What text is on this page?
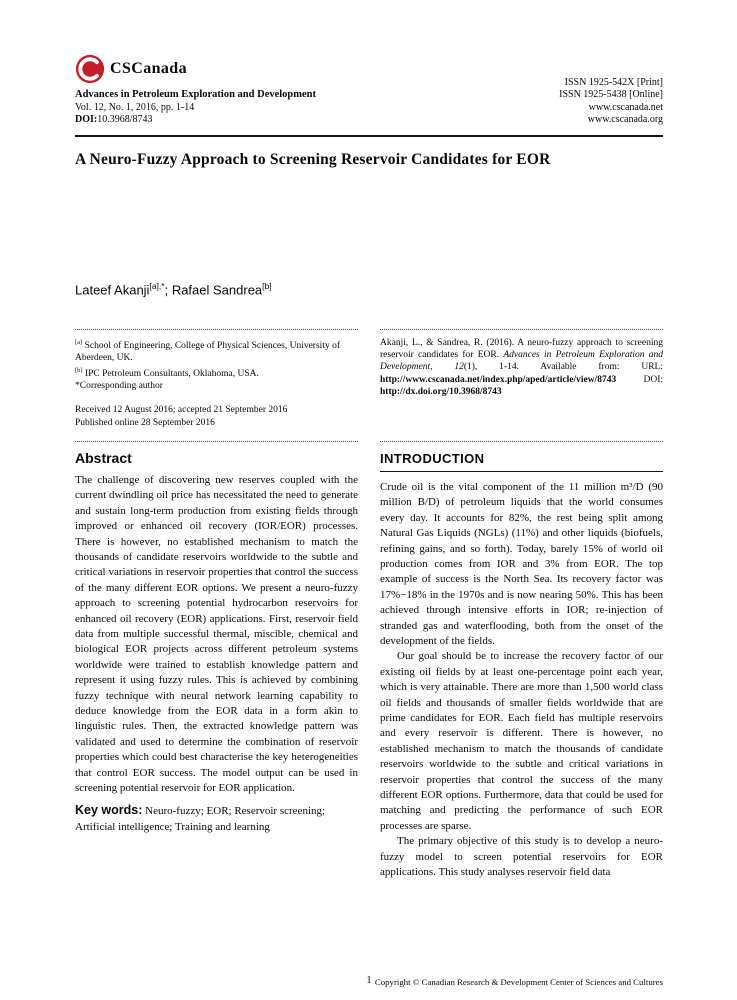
CSCanada
Advances in Petroleum Exploration and Development
Vol. 12, No. 1, 2016, pp. 1-14
DOI:10.3968/8743
ISSN 1925-542X [Print]
ISSN 1925-5438 [Online]
www.cscanada.net
www.cscanada.org
A Neuro-Fuzzy Approach to Screening Reservoir Candidates for EOR
Lateef Akanji$^{[a],*}$; Rafael Sandrea[b]

[a] School of Engineering, College of Physical Sciences, University of Aberdeen, UK.

[b] IPC Petroleum Consultants, Oklahoma, USA.

*Corresponding author

Received 12 August 2016; accepted 21 September 2016

Published online 28 September 2016

Akanji, L., & Sandrea, R. (2016). A neuro-fuzzy approach to screening reservoir candidates for EOR. Advances in Petroleum Exploration and Development, 12(1), 1-14. Available from: URL: http://www.cscanada.net/index.php/aped/article/view/8743 DOI: http://dx.doi.org/10.3968/8743
Abstract

The challenge of discovering new reserves coupled with the current dwindling oil price has necessitated the need to generate and sustain long-term production from existing fields through improved or enhanced oil recovery (IOR/EOR) processes. There is however, no established mechanism to match the thousands of candidate reservoirs worldwide to the subtle and critical variations in reservoir properties that control the success of the many different EOR options. We present a neuro-fuzzy approach to screening potential hydrocarbon reservoirs for enhanced oil recovery (EOR) applications. First, reservoir field data from multiple successful thermal, miscible, chemical and biological EOR projects across different petroleum systems worldwide were trained to establish knowledge pattern and represent it using fuzzy rules. This is achieved by combining fuzzy technique with neural network learning capability to deduce knowledge from the EOR data in a form akin to linguistic rules. Then, the extracted knowledge pattern was validated and used to determine the combination of reservoir properties which could best characterise the key heterogeneities that control EOR success. The model output can be used in screening potential reservoir for EOR application.

Key words: Neuro-fuzzy; EOR; Reservoir screening; Artificial intelligence; Training and learning

INTRODUCTION

Crude oil is the vital component of the 11 million m³/D (90 million B/D) of petroleum liquids that the world consumes every day. It accounts for 82%, the rest being split among Natural Gas Liquids (NGLs) (11%) and other liquids (biofuels, refining gains, and so forth). Today, barely 15% of world oil production comes from IOR and 3% from EOR. The top example of success is the North Sea. Its recovery factor was 17%−18% in the 1970s and is now nearing 50%. This has been achieved through intensive efforts in IOR; re-injection of stranded gas and waterflooding, both from the onset of the development of the fields.

Our goal should be to increase the recovery factor of our existing oil fields by at least one-percentage point each year, which is very attainable. There are more than 1,500 world class oil fields and thousands of smaller fields worldwide that are prime candidates for EOR. Each field has multiple reservoirs and every reservoir is different. There is however, no established mechanism to match the thousands of candidate reservoirs worldwide to the subtle and critical variations in reservoir properties that control the success of the many different EOR options. Furthermore, data that could be used for matching and predicting the performance of such EOR processes are sparse.

The primary objective of this study is to develop a neuro-fuzzy model to screen potential reservoirs for EOR applications. This study analyses reservoir field data

1 Copyright © Canadian Research & Development Center of Sciences and Cultures
